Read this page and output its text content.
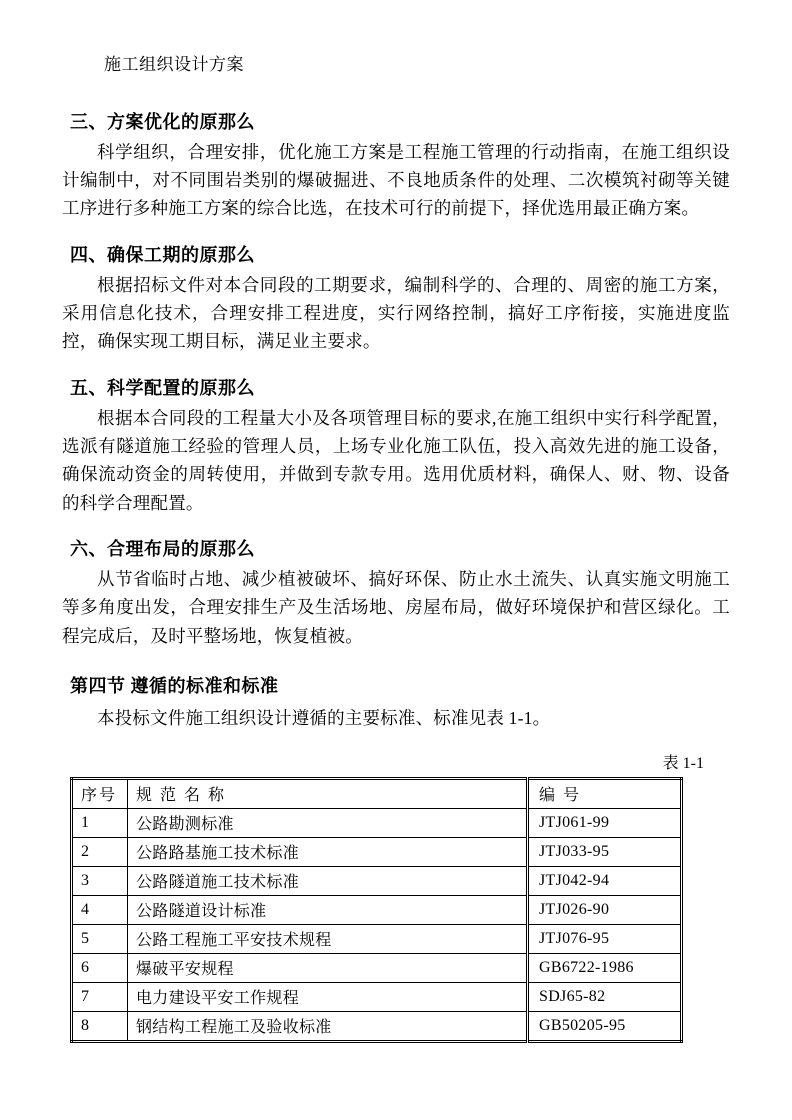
施工组织设计方案
三、方案优化的原那么

科学组织，合理安排，优化施工方案是工程施工管理的行动指南，在施工组织设计编制中，对不同围岩类别的爆破掘进、不良地质条件的处理、二次模筑衬砌等关键工序进行多种施工方案的综合比选，在技术可行的前提下，择优选用最正确方案。

四、确保工期的原那么

根据招标文件对本合同段的工期要求，编制科学的、合理的、周密的施工方案，采用信息化技术，合理安排工程进度，实行网络控制，搞好工序衔接，实施进度监控，确保实现工期目标，满足业主要求。

五、科学配置的原那么

根据本合同段的工程量大小及各项管理目标的要求,在施工组织中实行科学配置，选派有隧道施工经验的管理人员，上场专业化施工队伍，投入高效先进的施工设备，确保流动资金的周转使用，并做到专款专用。选用优质材料，确保人、财、物、设备的科学合理配置。

六、合理布局的原那么

从节省临时占地、减少植被破坏、搞好环保、防止水土流失、认真实施文明施工等多角度出发，合理安排生产及生活场地、房屋布局，做好环境保护和营区绿化。工程完成后，及时平整场地，恢复植被。

第四节 遵循的标准和标准

本投标文件施工组织设计遵循的主要标准、标准见表 1-1。

表 1-1
序号	规 范 名 称	编 号
1	公路勘测标准	JTJ061-99
2	公路路基施工技术标准	JTJ033-95
3	公路隧道施工技术标准	JTJ042-94
4	公路隧道设计标准	JTJ026-90
5	公路工程施工平安技术规程	JTJ076-95
6	爆破平安规程	GB6722-1986
7	电力建设平安工作规程	SDJ65-82
8	钢结构工程施工及验收标准	GB50205-95
